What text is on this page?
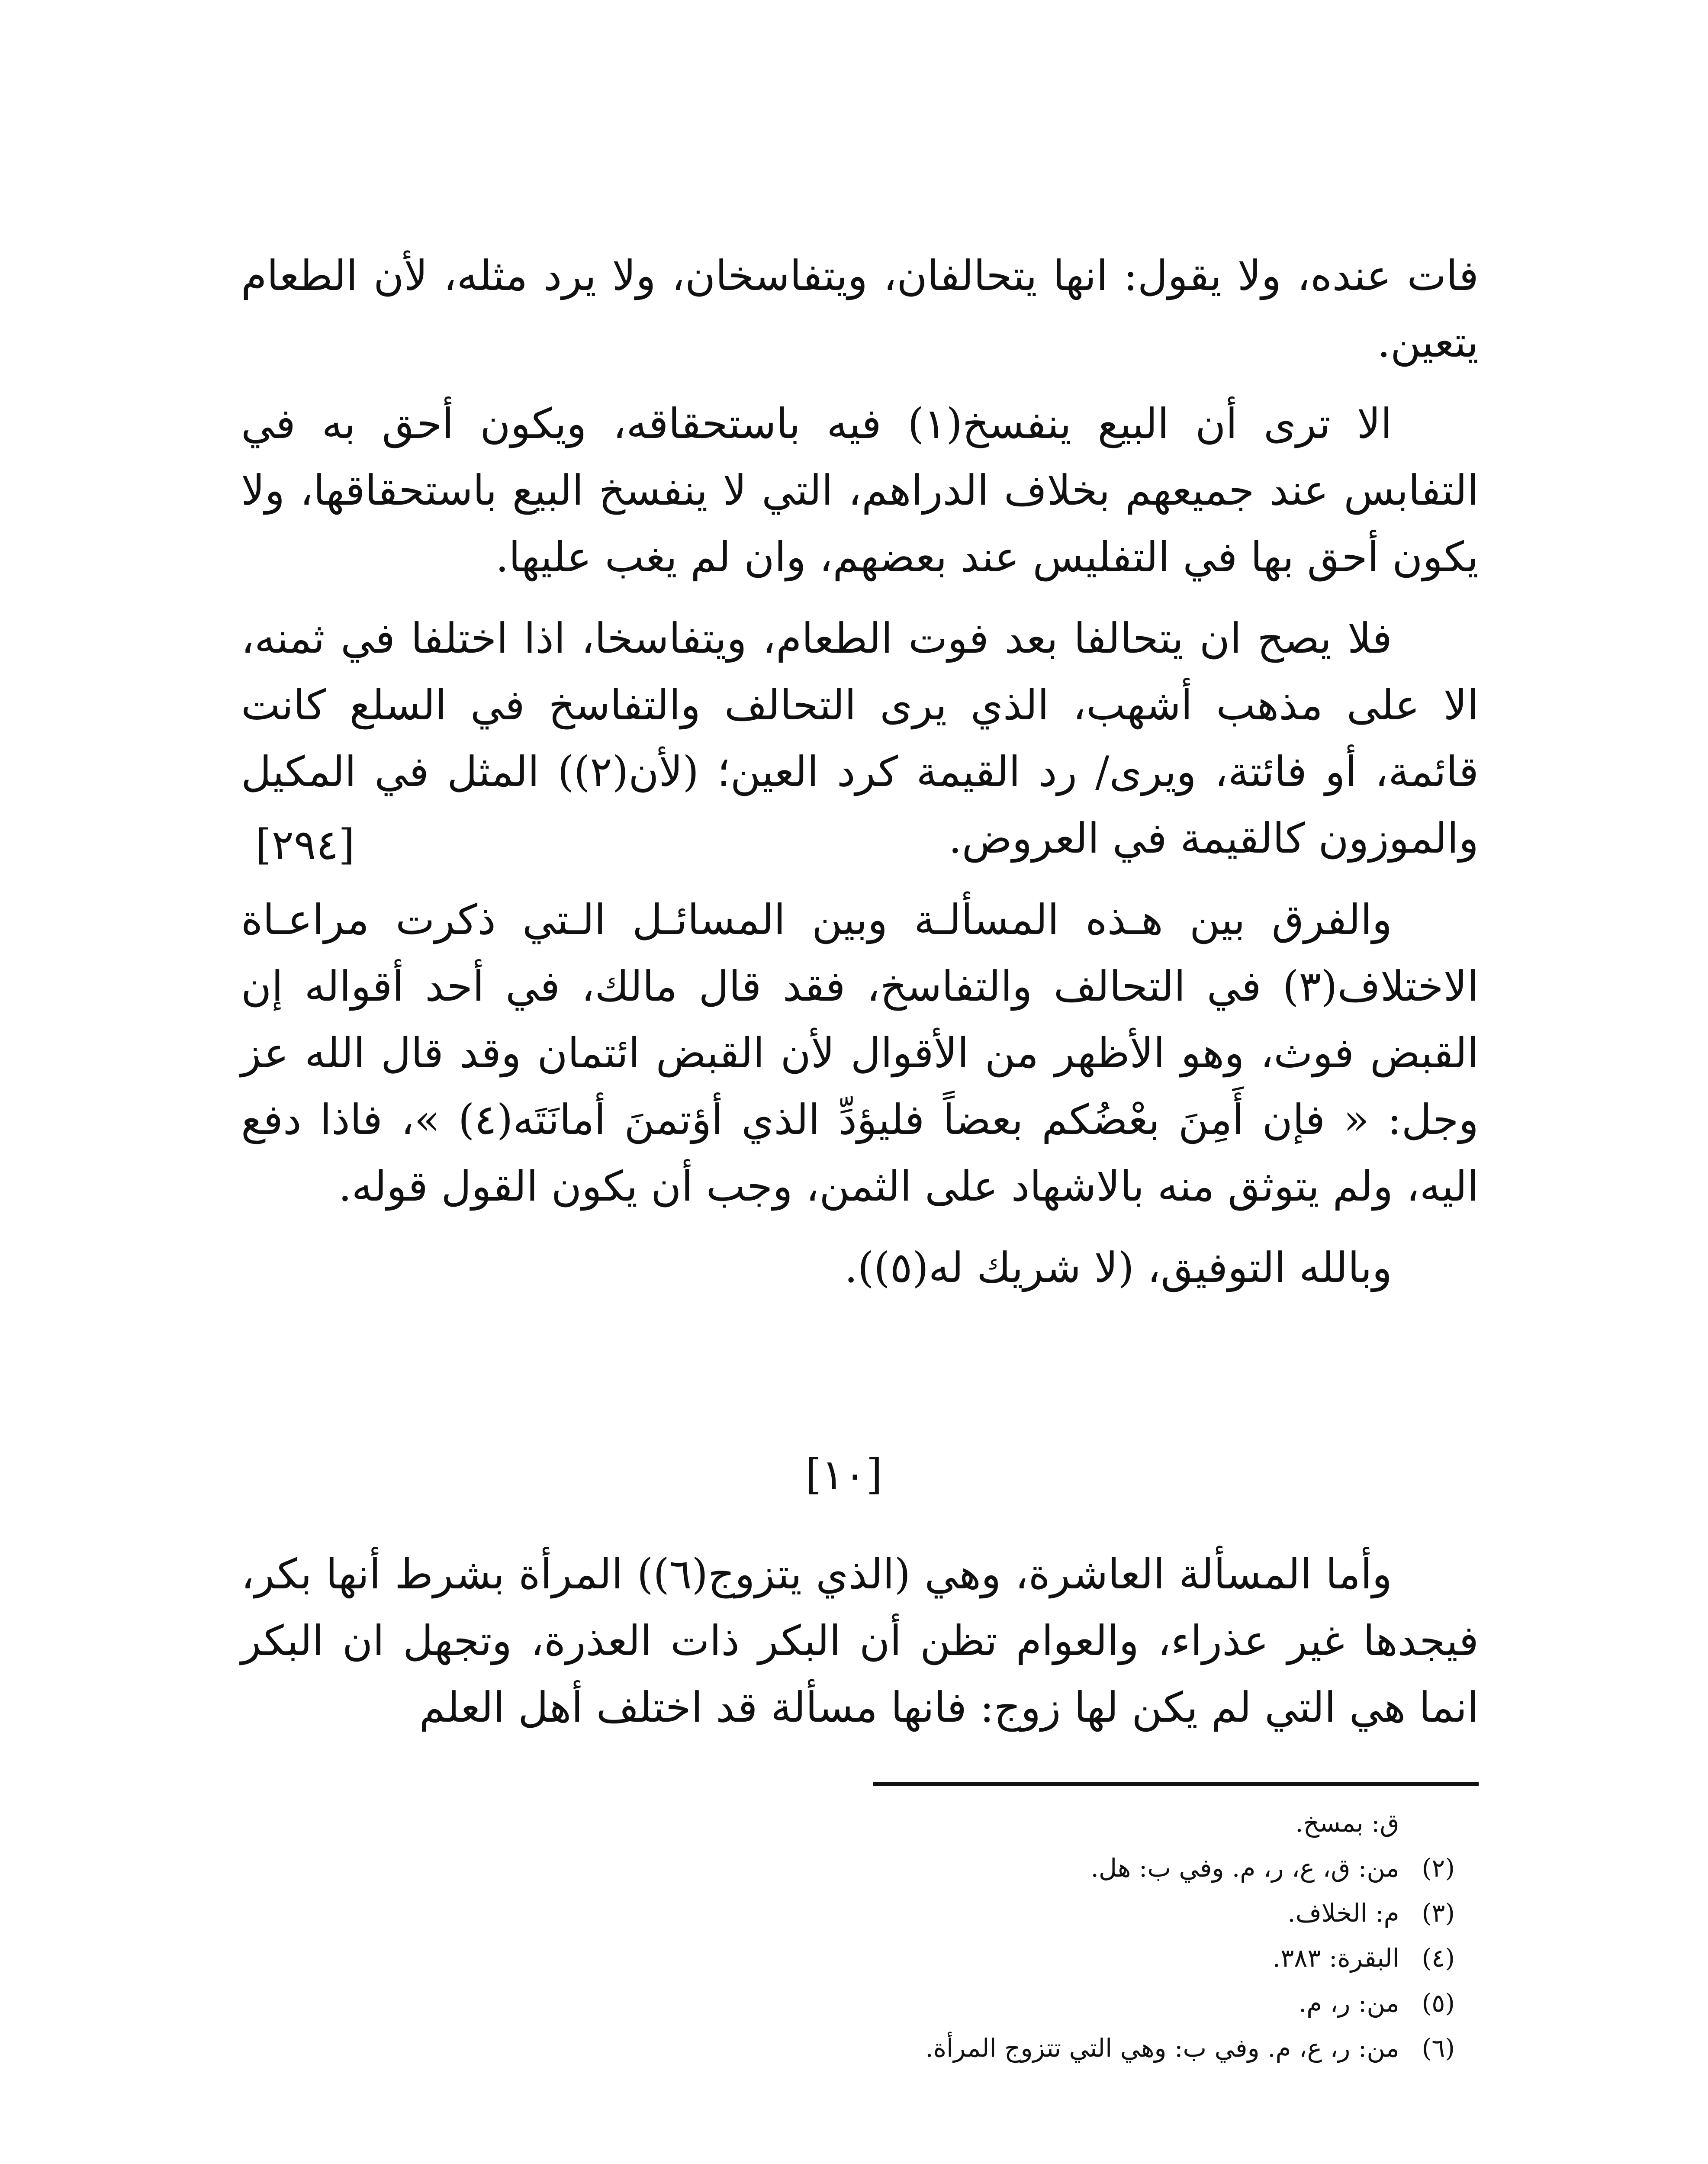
فات عنده، ولا يقول: انها يتحالفان، ويتفاسخان، ولا يرد مثله، لأن الطعام يتعين.

الا ترى أن البيع ينفسخ(١) فيه باستحقاقه، ويكون أحق به في التفابس عند جميعهم بخلاف الدراهم، التي لا ينفسخ البيع باستحقاقها، ولا يكون أحق بها في التفليس عند بعضهم، وان لم يغب عليها.

فلا يصح ان يتحالفا بعد فوت الطعام، ويتفاسخا، اذا اختلفا في ثمنه، الا على مذهب أشهب، الذي يرى التحالف والتفاسخ في السلع كانت قائمة، أو فائتة، ويرى/ رد القيمة كرد العين؛ (لأن(٢)) المثل في المكيل والموزون كالقيمة في العروض.

والفرق بين هـذه المسألـة وبين المسائـل الـتي ذكرت مراعـاة الاختلاف(٣) في التحالف والتفاسخ، فقد قال مالك، في أحد أقواله إن القبض فوث، وهو الأظهر من الأقوال لأن القبض ائتمان وقد قال الله عز وجل: « فإن أَمِنَ بعْضُكم بعضاً فليؤدِّ الذي أؤتمنَ أمانَتَه(٤) »، فاذا دفع اليه، ولم يتوثق منه بالاشهاد على الثمن، وجب أن يكون القول قوله.

وبالله التوفيق، (لا شريك له(٥)).

[٢٩٤]
[١٠]

وأما المسألة العاشرة، وهي (الذي يتزوج(٦)) المرأة بشرط أنها بكر، فيجدها غير عذراء، والعوام تظن أن البكر ذات العذرة، وتجهل ان البكر انما هي التي لم يكن لها زوج: فانها مسألة قد اختلف أهل العلم

ق: بمسخ.
(٢) من: ق، ع، ر، م. وفي ب: هل.
(٣) م: الخلاف.
(٤) البقرة: ٣٨٣.
(٥) من: ر، م.
(٦) من: ر، ع، م. وفي ب: وهي التي تتزوج المرأة.
